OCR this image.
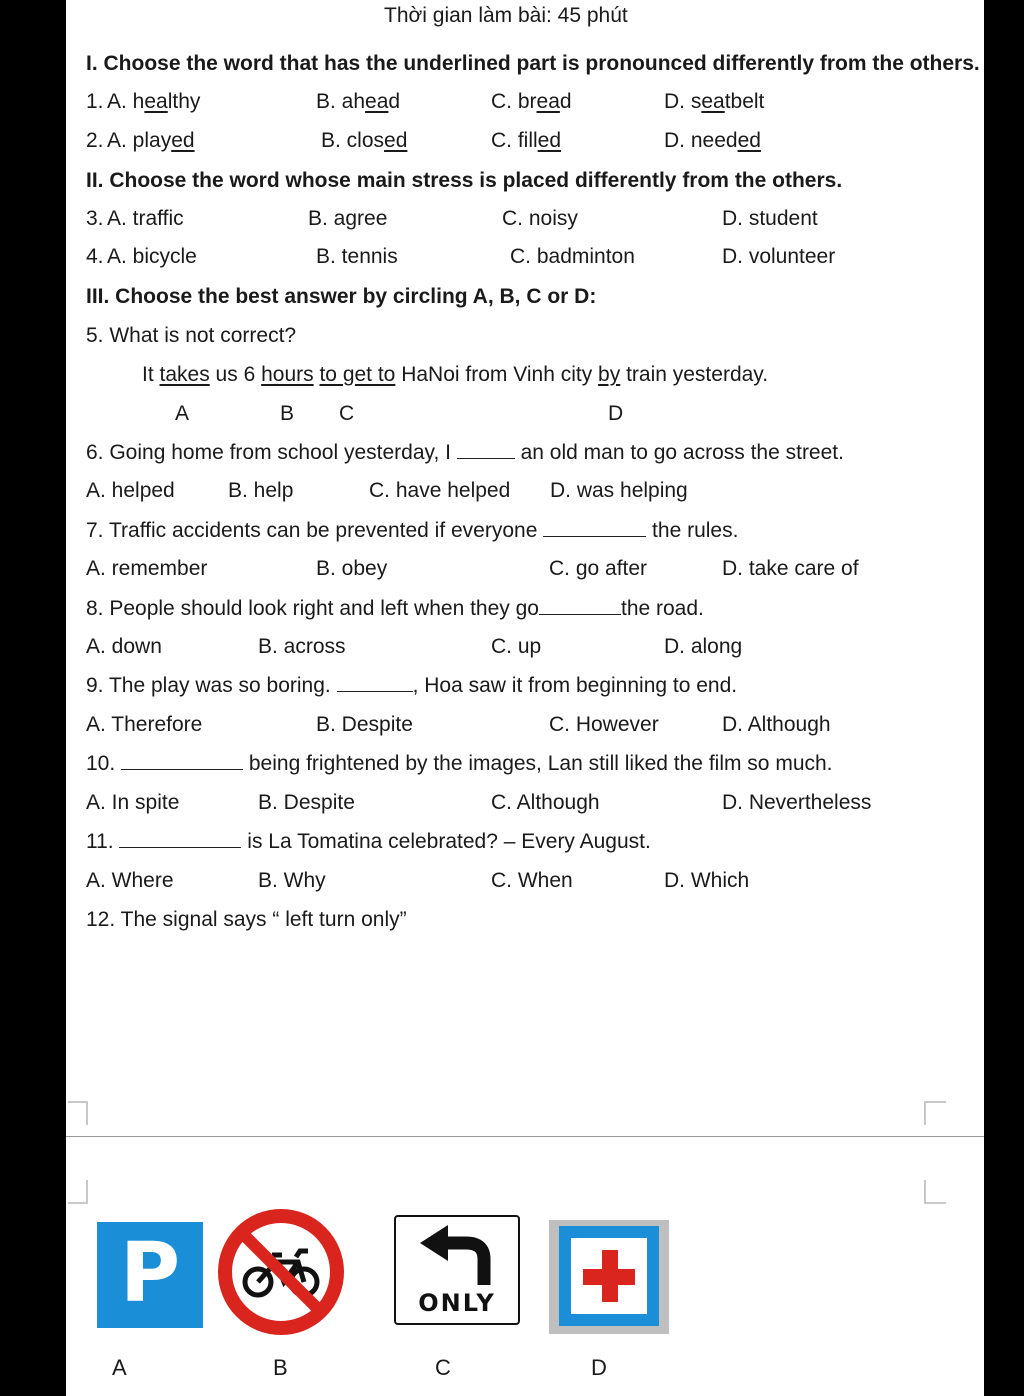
Thời gian làm bài: 45 phút
I. Choose the word that has the underlined part is pronounced differently from the others.
1. A. healthy	B. ahead	C. bread	D. seatbelt
2. A. played	B. closed	C. filled	D. needed
II. Choose the word whose main stress is placed differently from the others.
3. A. traffic	B. agree	C. noisy	D. student
4. A. bicycle	B. tennis	C. badminton	D. volunteer
III. Choose the best answer by circling A, B, C or D:
5. What is not correct?
It takes us 6 hours to get to HaNoi from Vinh city by train yesterday.
A	B C	D
6. Going home from school yesterday, I	an old man to go across the street.
A. helped	B. help	C. have helped D. was helping
7. Traffic accidents can be prevented if everyone	the rules.
A. remember	B. obey	C. go after	D. take care of
8. People should look right and left when they go	the road.
A. down	B. across	C. up	D. along
9. The play was so boring.	, Hoa saw it from beginning to end.
A. Therefore	B. Despite	C. However	D. Although
10.	being frightened by the images, Lan still liked the film so much.
A. In spite	B. Despite	C. Although	D. Nevertheless
11.	is La Tomatina celebrated? – Every August.
A. Where	B. Why	C. When	D. Which
12. The signal says “ left turn only”
P	ONLY
A	B	C	D
